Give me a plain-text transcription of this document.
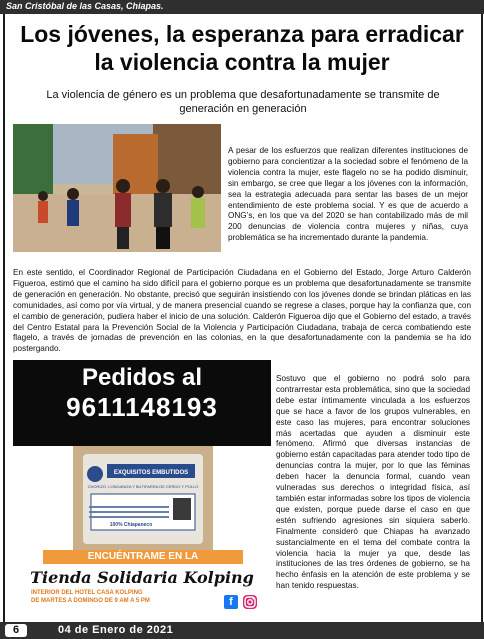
San Cristóbal de las Casas, Chiapas.
Los jóvenes, la esperanza para erradicar la violencia contra la mujer
La violencia de género es un problema que desafortunadamente se transmite de generación en generación
A pesar de los esfuerzos que realizan diferentes instituciones de gobierno para concientizar a la sociedad sobre el fenómeno de la violencia contra la mujer, este flagelo no se ha podido disminuir, sin embargo, se cree que llegar a los jóvenes con la información, sea la estrategia adecuada para sentar las bases de un mejor entendimiento de este problema social. Y es que de acuerdo a ONG’s, en los que va del 2020 se han contabilizado más de mil 200 denuncias de violencia contra mujeres y niñas, cuya problemática se ha incrementado durante la pandemia.
En este sentido, el Coordinador Regional de Participación Ciudadana en el Gobierno del Estado, Jorge Arturo Calderón Figueroa, estimó que el camino ha sido difícil para el gobierno porque es un problema que desafortunadamente se transmite de generación en generación. No obstante, precisó que seguirán insistiendo con los jóvenes donde se brindan pláticas en las comunidades, así como por vía virtual, y de manera presencial cuando se regrese a clases, porque hay la confianza que, con el cambio de generación, pudiera haber el inicio de una solución. Calderón Figueroa dijo que el Gobierno del estado, a través del Centro Estatal para la Prevención Social de la Violencia y Participación Ciudadana, trabaja de cerca combatiendo este flagelo, a través de jornadas de prevención en las colonias, en la que desafortunadamente con la pandemia se ha ido postergando.
Sostuvo que el gobierno no podrá solo para contrarrestar esta problemática, sino que la sociedad debe estar íntimamente vinculada a los esfuerzos que se hace a favor de los grupos vulnerables, en este caso las mujeres, para encontrar soluciones más acertadas que ayuden a disminuir este fenómeno. Afirmó que diversas instancias de gobierno están capacitadas para atender todo tipo de denuncias contra la mujer, por lo que las féminas deben hacer la denuncia formal, cuando vean vulneradas sus derechos o integridad física, así también estar informadas sobre los tipos de violencia que existen, porque puede darse el caso en que estén sufriendo agresiones sin siquiera saberlo. Finalmente consideró que Chiapas ha avanzado sustancialmente en el tema del combate contra la violencia hacia la mujer ya que, desde las instituciones de las tres órdenes de gobierno, se ha hecho énfasis en la atención de este problema y se han tenido respuestas.
Pedidos al
9611148193
EXQUISITOS EMBUTIDOS
CHORIZO, LONGANIZA Y BUTIFARRA DE CERDO Y POLLO
100% Chiapaneco
ENCUÉNTRAME EN LA
Tienda Solidaria Kolping
INTERIOR DEL HOTEL CASA KOLPING
DE MARTES A DOMINGO DE 9 AM A 5 PM	f
6	04 de Enero de 2021
